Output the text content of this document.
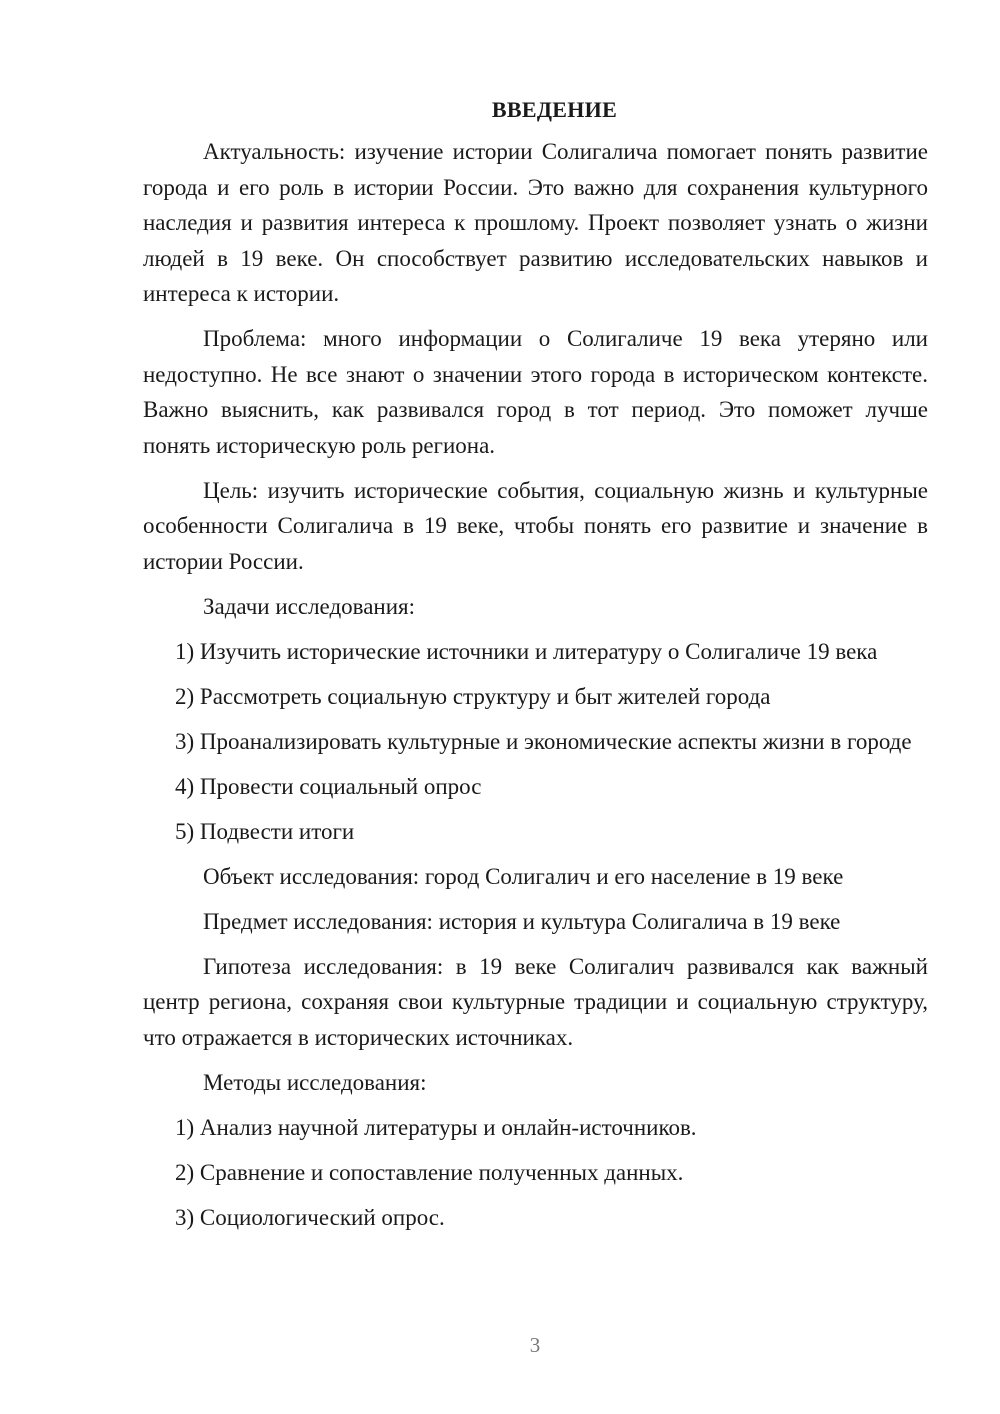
ВВЕДЕНИЕ

Актуальность: изучение истории Солигалича помогает понять развитие города и его роль в истории России. Это важно для сохранения культурного наследия и развития интереса к прошлому. Проект позволяет узнать о жизни людей в 19 веке. Он способствует развитию исследовательских навыков и интереса к истории.

Проблема: много информации о Солигаличе 19 века утеряно или недоступно. Не все знают о значении этого города в историческом контексте. Важно выяснить, как развивался город в тот период. Это поможет лучше понять историческую роль региона.

Цель: изучить исторические события, социальную жизнь и культурные особенности Солигалича в 19 веке, чтобы понять его развитие и значение в истории России.

Задачи исследования:

1) Изучить исторические источники и литературу о Солигаличе 19 века

2) Рассмотреть социальную структуру и быт жителей города

3) Проанализировать культурные и экономические аспекты жизни в городе

4) Провести социальный опрос

5) Подвести итоги

Объект исследования: город Солигалич и его население в 19 веке

Предмет исследования: история и культура Солигалича в 19 веке

Гипотеза исследования: в 19 веке Солигалич развивался как важный центр региона, сохраняя свои культурные традиции и социальную структуру, что отражается в исторических источниках.

Методы исследования:

1) Анализ научной литературы и онлайн-источников.

2) Сравнение и сопоставление полученных данных.

3) Социологический опрос.

3
